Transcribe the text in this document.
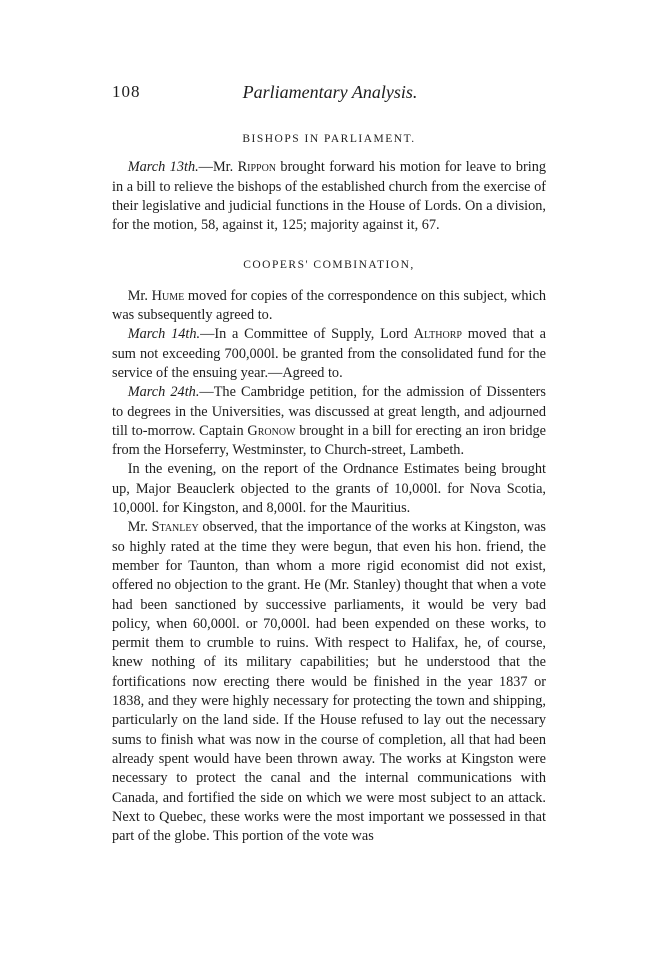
108	Parliamentary Analysis.
BISHOPS IN PARLIAMENT.

March 13th.—Mr. Rippon brought forward his motion for leave to bring in a bill to relieve the bishops of the established church from the exercise of their legislative and judicial functions in the House of Lords. On a division, for the motion, 58, against it, 125; majority against it, 67.

COOPERS' COMBINATION,

Mr. Hume moved for copies of the correspondence on this subject, which was subsequently agreed to.

March 14th.—In a Committee of Supply, Lord Althorp moved that a sum not exceeding 700,000l. be granted from the consolidated fund for the service of the ensuing year.—Agreed to.

March 24th.—The Cambridge petition, for the admission of Dissenters to degrees in the Universities, was discussed at great length, and adjourned till to-morrow. Captain Gronow brought in a bill for erecting an iron bridge from the Horseferry, Westminster, to Church-street, Lambeth.

In the evening, on the report of the Ordnance Estimates being brought up, Major Beauclerk objected to the grants of 10,000l. for Nova Scotia, 10,000l. for Kingston, and 8,000l. for the Mauritius.

Mr. Stanley observed, that the importance of the works at Kingston, was so highly rated at the time they were begun, that even his hon. friend, the member for Taunton, than whom a more rigid economist did not exist, offered no objection to the grant. He (Mr. Stanley) thought that when a vote had been sanctioned by successive parliaments, it would be very bad policy, when 60,000l. or 70,000l. had been expended on these works, to permit them to crumble to ruins. With respect to Halifax, he, of course, knew nothing of its military capabilities; but he understood that the fortifications now erecting there would be finished in the year 1837 or 1838, and they were highly necessary for protecting the town and shipping, particularly on the land side. If the House refused to lay out the necessary sums to finish what was now in the course of completion, all that had been already spent would have been thrown away. The works at Kingston were necessary to protect the canal and the internal communications with Canada, and fortified the side on which we were most subject to an attack. Next to Quebec, these works were the most important we possessed in that part of the globe. This portion of the vote was
